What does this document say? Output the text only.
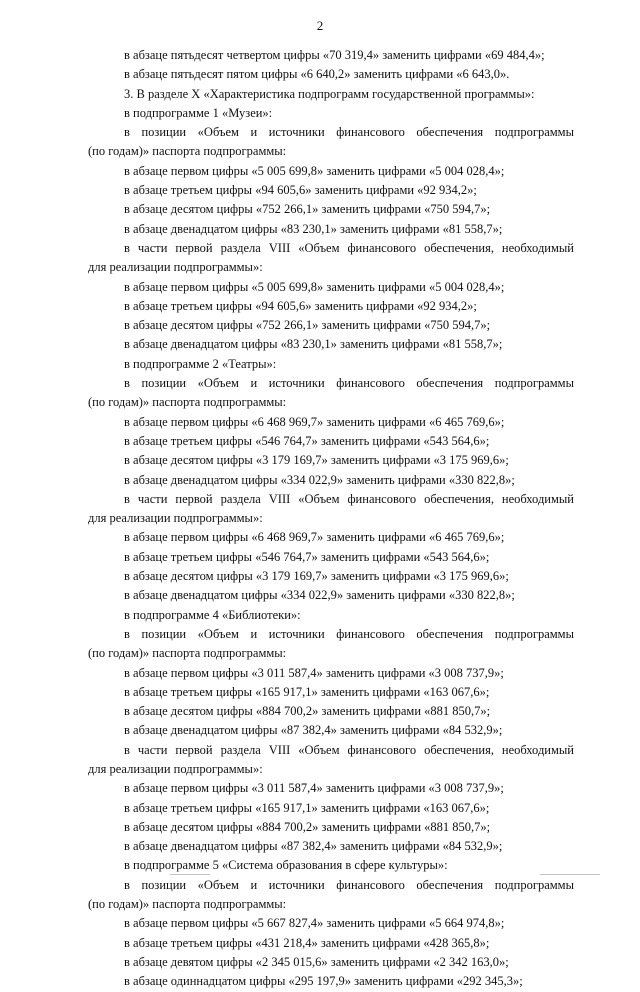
2
в абзаце пятьдесят четвертом цифры «70 319,4» заменить цифрами «69 484,4»;
в абзаце пятьдесят пятом цифры «6 640,2» заменить цифрами «6 643,0».
3. В разделе X «Характеристика подпрограмм государственной программы»:
в подпрограмме 1 «Музеи»:
в позиции «Объем и источники финансового обеспечения подпрограммы
(по годам)» паспорта подпрограммы:
в абзаце первом цифры «5 005 699,8» заменить цифрами «5 004 028,4»;
в абзаце третьем цифры «94 605,6» заменить цифрами «92 934,2»;
в абзаце десятом цифры «752 266,1» заменить цифрами «750 594,7»;
в абзаце двенадцатом цифры «83 230,1» заменить цифрами «81 558,7»;
в части первой раздела VIII «Объем финансового обеспечения, необходимый
для реализации подпрограммы»:
в абзаце первом цифры «5 005 699,8» заменить цифрами «5 004 028,4»;
в абзаце третьем цифры «94 605,6» заменить цифрами «92 934,2»;
в абзаце десятом цифры «752 266,1» заменить цифрами «750 594,7»;
в абзаце двенадцатом цифры «83 230,1» заменить цифрами «81 558,7»;
в подпрограмме 2 «Театры»:
в позиции «Объем и источники финансового обеспечения подпрограммы
(по годам)» паспорта подпрограммы:
в абзаце первом цифры «6 468 969,7» заменить цифрами «6 465 769,6»;
в абзаце третьем цифры «546 764,7» заменить цифрами «543 564,6»;
в абзаце десятом цифры «3 179 169,7» заменить цифрами «3 175 969,6»;
в абзаце двенадцатом цифры «334 022,9» заменить цифрами «330 822,8»;
в части первой раздела VIII «Объем финансового обеспечения, необходимый
для реализации подпрограммы»:
в абзаце первом цифры «6 468 969,7» заменить цифрами «6 465 769,6»;
в абзаце третьем цифры «546 764,7» заменить цифрами «543 564,6»;
в абзаце десятом цифры «3 179 169,7» заменить цифрами «3 175 969,6»;
в абзаце двенадцатом цифры «334 022,9» заменить цифрами «330 822,8»;
в подпрограмме 4 «Библиотеки»:
в позиции «Объем и источники финансового обеспечения подпрограммы
(по годам)» паспорта подпрограммы:
в абзаце первом цифры «3 011 587,4» заменить цифрами «3 008 737,9»;
в абзаце третьем цифры «165 917,1» заменить цифрами «163 067,6»;
в абзаце десятом цифры «884 700,2» заменить цифрами «881 850,7»;
в абзаце двенадцатом цифры «87 382,4» заменить цифрами «84 532,9»;
в части первой раздела VIII «Объем финансового обеспечения, необходимый
для реализации подпрограммы»:
в абзаце первом цифры «3 011 587,4» заменить цифрами «3 008 737,9»;
в абзаце третьем цифры «165 917,1» заменить цифрами «163 067,6»;
в абзаце десятом цифры «884 700,2» заменить цифрами «881 850,7»;
в абзаце двенадцатом цифры «87 382,4» заменить цифрами «84 532,9»;
в подпрограмме 5 «Система образования в сфере культуры»:
в позиции «Объем и источники финансового обеспечения подпрограммы
(по годам)» паспорта подпрограммы:
в абзаце первом цифры «5 667 827,4» заменить цифрами «5 664 974,8»;
в абзаце третьем цифры «431 218,4» заменить цифрами «428 365,8»;
в абзаце девятом цифры «2 345 015,6» заменить цифрами «2 342 163,0»;
в абзаце одиннадцатом цифры «295 197,9» заменить цифрами «292 345,3»;
